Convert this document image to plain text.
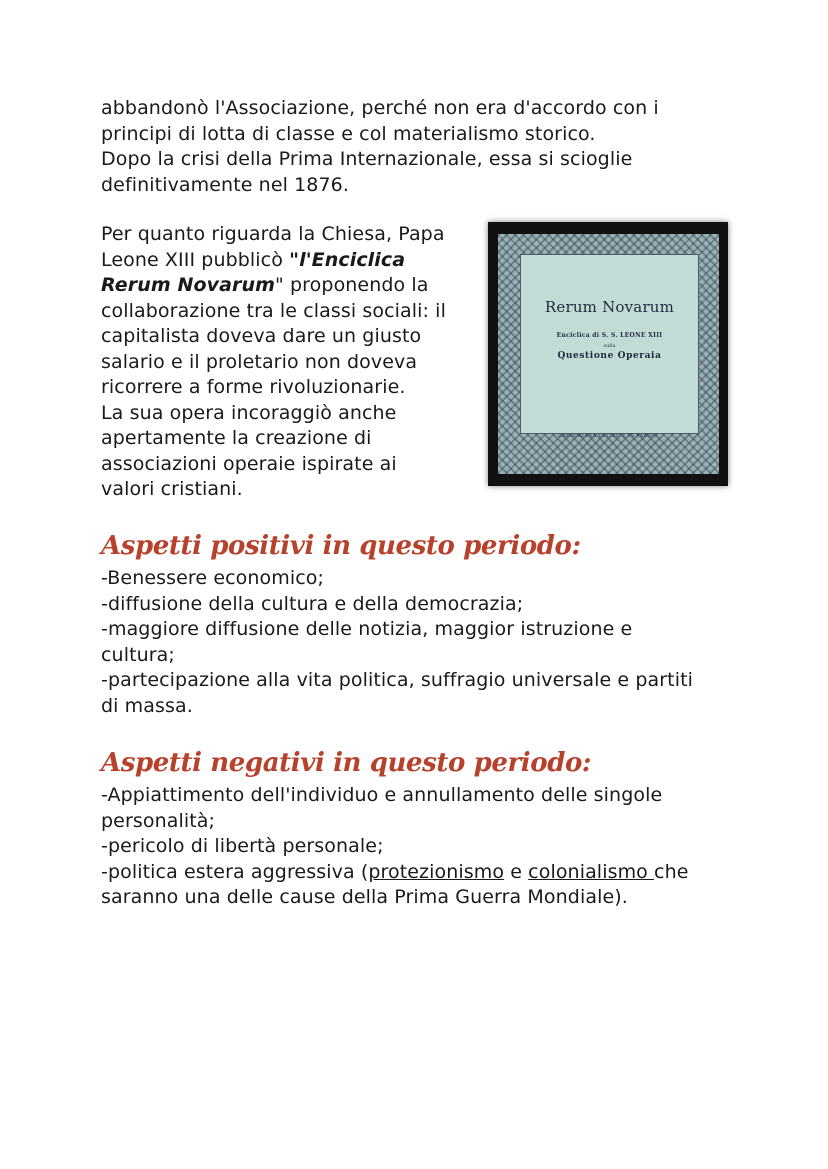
abbandonò l'Associazione, perché non era d'accordo con i

principi di lotta di classe e col materialismo storico.

Dopo la crisi della Prima Internazionale, essa si scioglie

definitivamente nel 1876.

Per quanto riguarda la Chiesa, Papa

Leone XIII pubblicò "l'Enciclica

Rerum Novarum" proponendo la

collaborazione tra le classi sociali: il

capitalista doveva dare un giusto

salario e il proletario non doveva

ricorrere a forme rivoluzionarie.

La sua opera incoraggiò anche

apertamente la creazione di

associazioni operaie ispirate ai

valori cristiani.

Rerum Novarum
Enciclica di S. S. LEONE XIII
sulla
Questione Operaia
GREGORIANA EDITRICE IN PADOVA
Aspetti positivi in questo periodo:

-Benessere economico;

-diffusione della cultura e della democrazia;

-maggiore diffusione delle notizia, maggior istruzione e

cultura;

-partecipazione alla vita politica, suffragio universale e partiti

di massa.

Aspetti negativi in questo periodo:

-Appiattimento dell'individuo e annullamento delle singole

personalità;

-pericolo di libertà personale;

-politica estera aggressiva (protezionismo e colonialismo che

saranno una delle cause della Prima Guerra Mondiale).
